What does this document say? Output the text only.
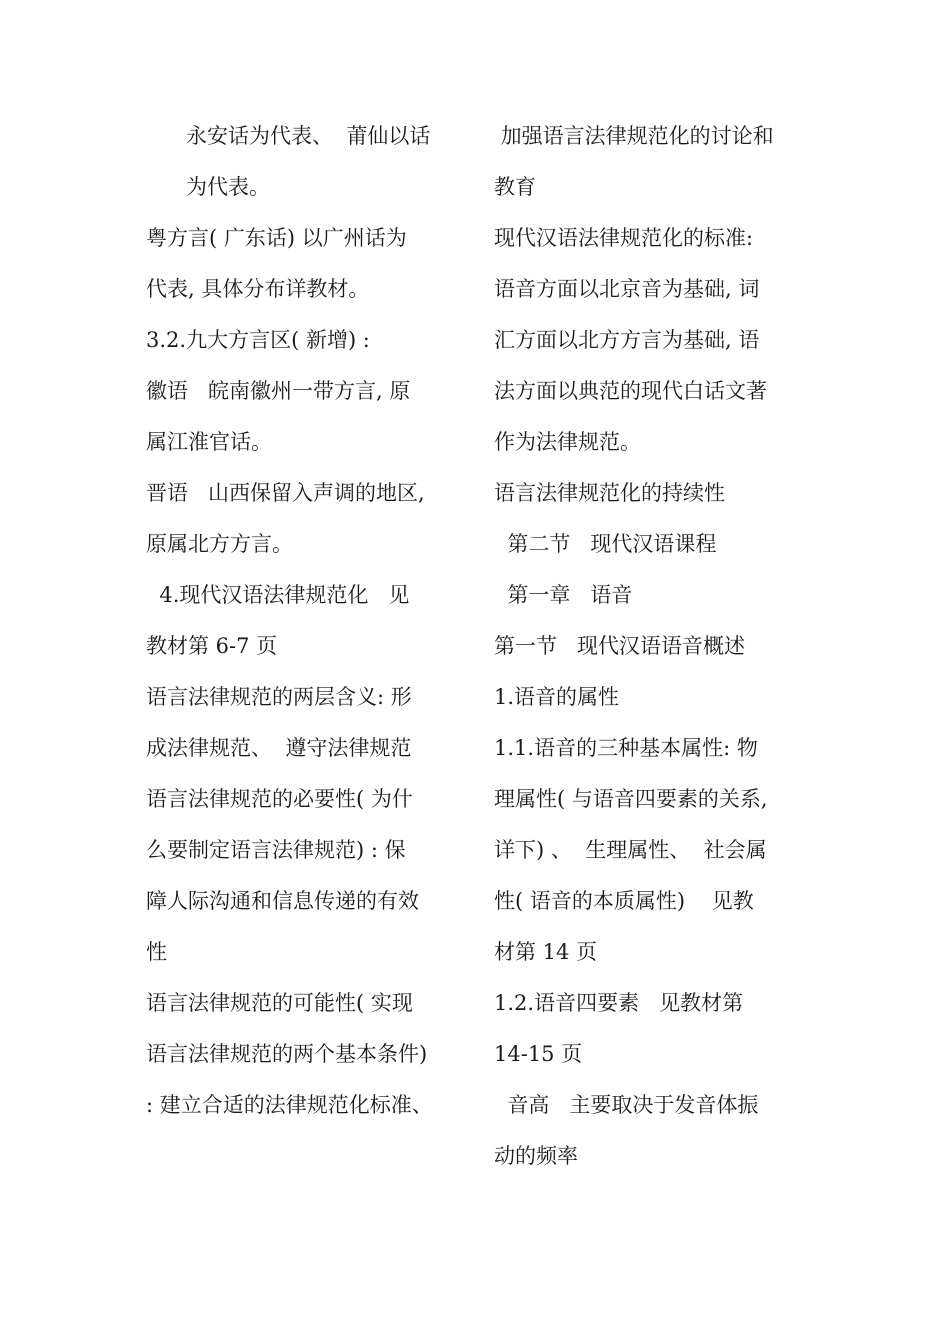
永安话为代表、  莆仙以话
为代表。
粤方言( 广东话) 以广州话为
代表, 具体分布详教材。
3.2.九大方言区( 新增) :
徽语   皖南徽州一带方言, 原
属江淮官话。
晋语   山西保留入声调的地区,
原属北方方言。
4.现代汉语法律规范化   见
教材第 6-7 页
语言法律规范的两层含义: 形
成法律规范、  遵守法律规范
语言法律规范的必要性( 为什
么要制定语言法律规范) : 保
障人际沟通和信息传递的有效
性
语言法律规范的可能性( 实现
语言法律规范的两个基本条件)
: 建立合适的法律规范化标准、
加强语言法律规范化的讨论和
教育
现代汉语法律规范化的标准:
语音方面以北京音为基础, 词
汇方面以北方方言为基础, 语
法方面以典范的现代白话文著
作为法律规范。
语言法律规范化的持续性
第二节   现代汉语课程
第一章   语音
第一节   现代汉语语音概述
1.语音的属性
1.1.语音的三种基本属性: 物
理属性( 与语音四要素的关系,
详下) 、  生理属性、  社会属
性( 语音的本质属性)    见教
材第 14 页
1.2.语音四要素   见教材第
14-15 页
音高   主要取决于发音体振
动的频率
